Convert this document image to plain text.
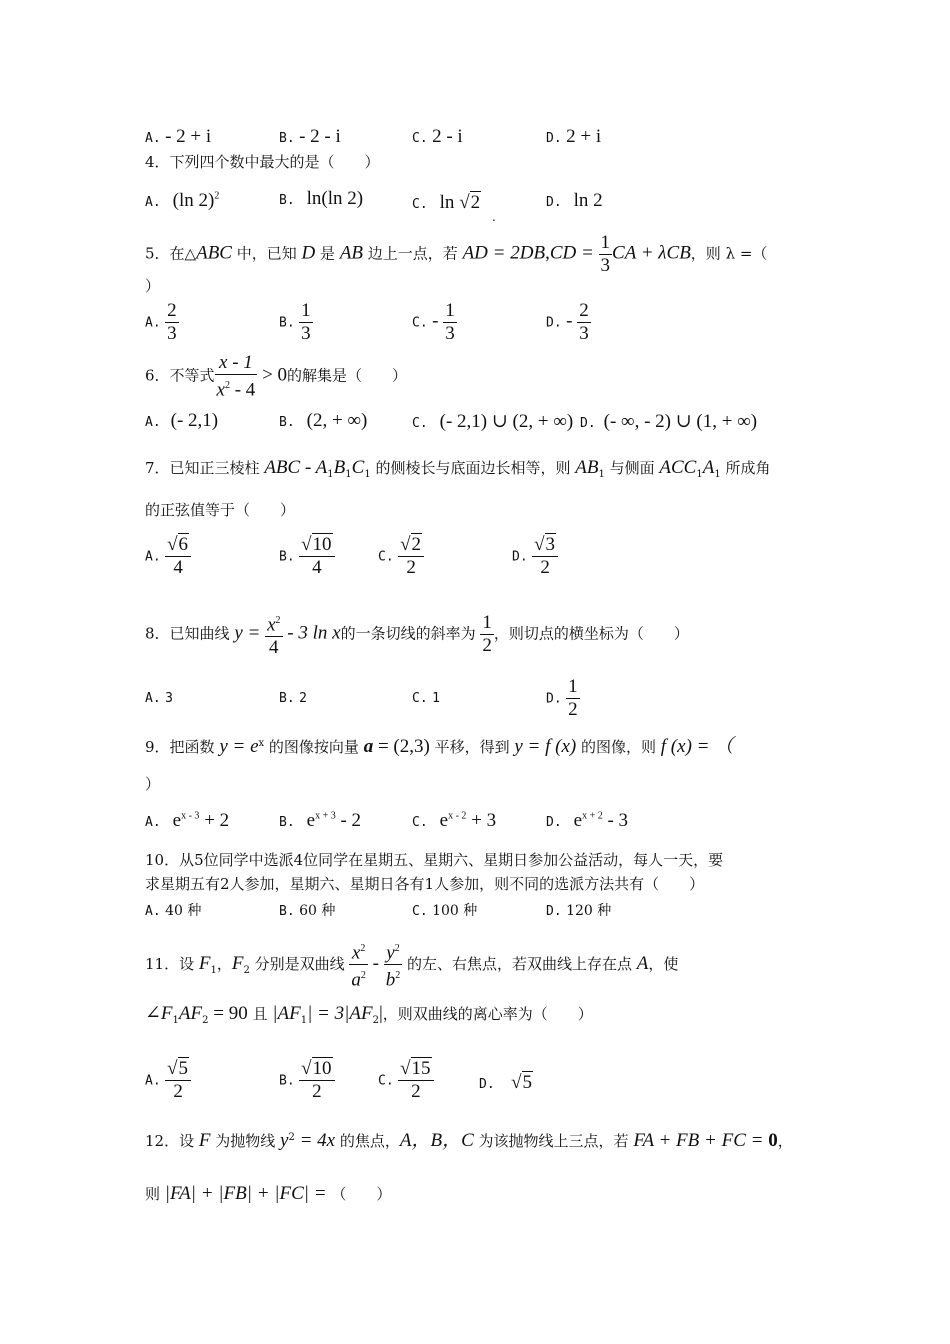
A. - 2 + i	B. - 2 - i	C. 2 - i	D. 2 + i
4．下列四个数中最大的是（　　）
A. (ln 2)$^2$	B. ln(ln 2)	C. ln √2	D. ln 2
.
5．在△ABC 中，已知 D 是 AB 边上一点，若 AD = $2DB,CD = \frac{1}{3}$ CA + λCB，则 λ =（
）
A. $\frac{2}{3}$	B. $\frac{1}{3}$	C. - $\frac{1}{3}$	D. - $\frac{2}{3}$
6．不等式 $\frac{x - 1}{x^2 - 4} > 0$的解集是（　　）
A. (- 2,1)	B. (2, + ∞)	C. (- 2,1) ∪ (2, + ∞) D. (- ∞, - 2) ∪ (1, + ∞)
7．已知正三棱柱 ABC - $A_1B_1C_1$ 的侧棱长与底面边长相等，则 $AB_1$ 与侧面 $ACC_1A_1$ 所成角
的正弦值等于（　　）
A. $\frac{√6}{4}$	B. $\frac{√10}{4}$	C. $\frac{√2}{2}$	D. $\frac{√3}{2}$
8．已知曲线 $y = \frac{x^2}{4} - 3$ ln x的一条切线的斜率为 $\frac{1}{2}$ ，则切点的横坐标为（　　）
A. 3	B. 2	C. 1	D. $\frac{1}{2}$
9．把函数 $y = e^x$ 的图像按向量 a = (2,3) 平移，得到 y = f (x) 的图像，则 f (x) = （
）
A. $e^{x - 3} + 2$	B. $e^{x + 3} - 2$	C. $e^{x - 2} + 3$	D. $e^{x + 2} - 3$
10．从5位同学中选派4位同学在星期五、星期六、星期日参加公益活动，每人一天，要
求星期五有2人参加，星期六、星期日各有1人参加，则不同的选派方法共有（　　）
A. 40 种	B. 60 种	C. 100 种	D. 120 种
11．设 $F_1$，$F_2$ 分别是双曲线 $\frac{x^2}{a^2} - \frac{y^2}{b^2}$ 的左、右焦点，若双曲线上存在点 A，使
$\angle F_1AF_2 = 90$ 且 $|AF_1| = 3|AF_2|$，则双曲线的离心率为（　　）
A. $\frac{√5}{2}$	B. $\frac{√10}{2}$	C. $\frac{√15}{2}$	D. √5
12．设 F 为抛物线 $y^2 = 4x$ 的焦点，A，B，C 为该抛物线上三点，若 FA + FB + FC = 0，
则 |FA| + |FB| + |FC| = （　　）
